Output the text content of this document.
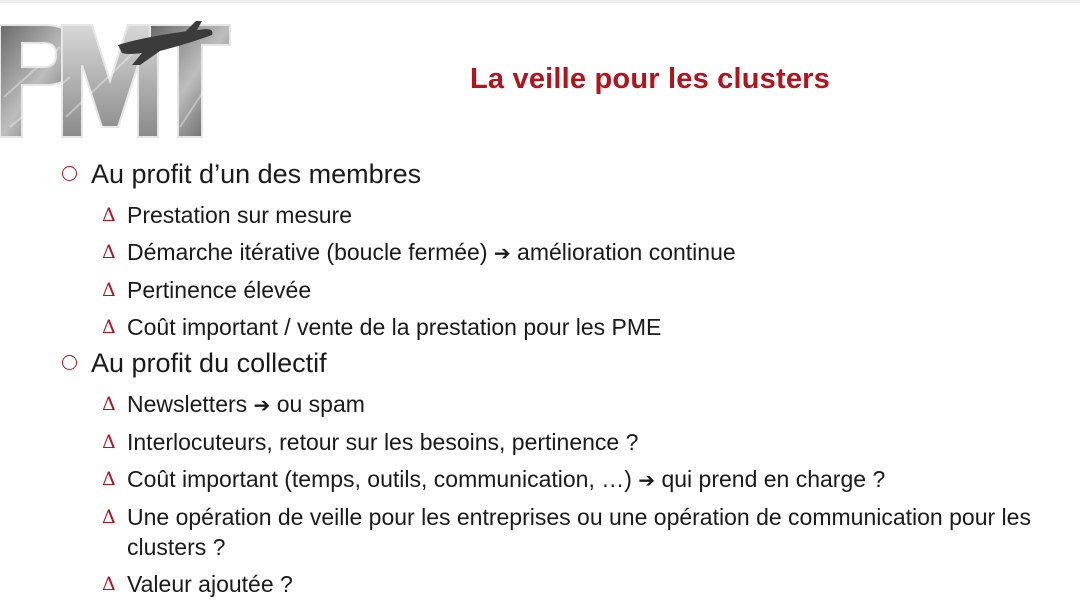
La veille pour les clusters
Au profit d’un des membres
Δ Prestation sur mesure
Δ Démarche itérative (boucle fermée) ➔ amélioration continue
Δ Pertinence élevée
Δ Coût important / vente de la prestation pour les PME
Au profit du collectif
Δ Newsletters ➔ ou spam
Δ Interlocuteurs, retour sur les besoins, pertinence ?
Δ Coût important (temps, outils, communication, …) ➔ qui prend en charge ?
Δ Une opération de veille pour les entreprises ou une opération de communication pour les clusters ?
Δ Valeur ajoutée ?
